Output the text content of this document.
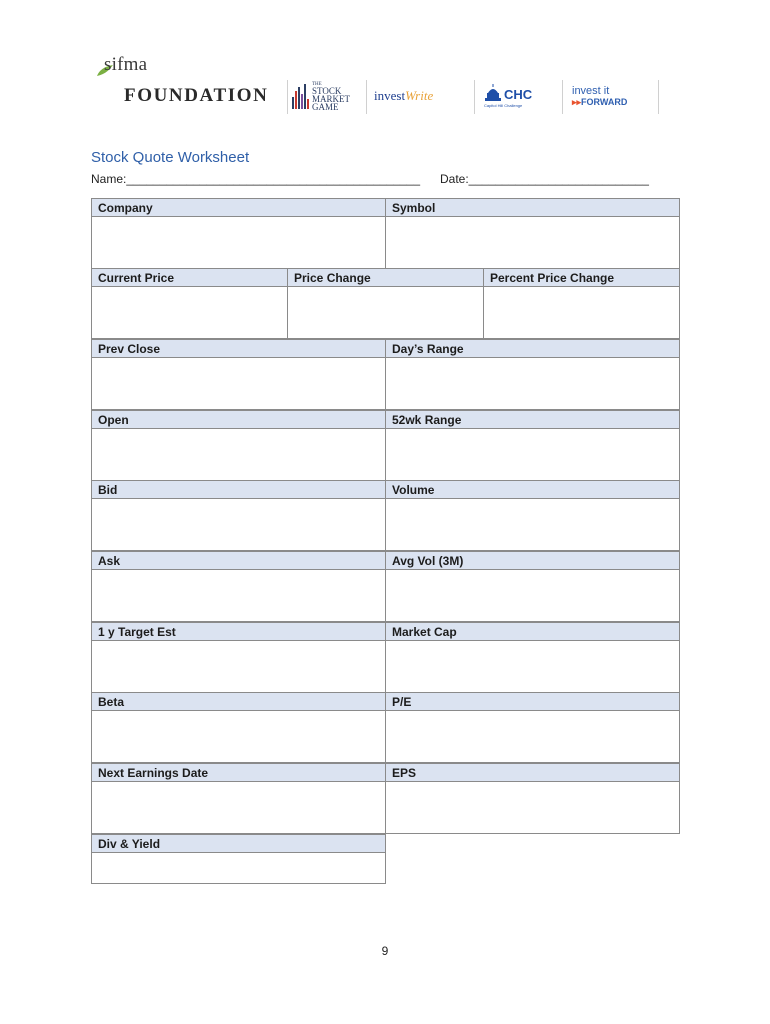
sifma
FOUNDATION
THE
STOCK
MARKET
GAME
invest Write	CHC
Capitol Hill Challenge
invest it
▸▸FORWARD
Stock Quote Worksheet
Name:____________________________________________ Date:___________________________
Company	Symbol
Current Price	Price Change	Percent Price Change
Prev Close	Day’s Range
Open	52wk Range
Bid	Volume
Ask	Avg Vol (3M)
1 y Target Est	Market Cap
Beta	P/E
Next Earnings Date	EPS
Div & Yield
9
